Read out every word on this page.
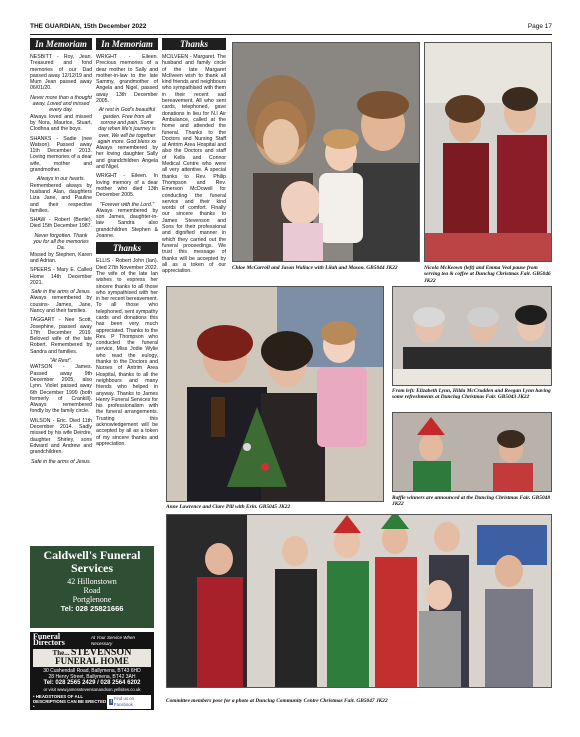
THE GUARDIAN, 15th December 2022	Page 17
In Memoriam

NESBITT - Roy, Jean. Treasured and fond memories of our Dad passed away 12/12/19 and Mum Jean passed away 06/01/20.

Never more than a thought away. Loved and missed every day.

Always loved and missed by Nora, Maurice, Stuart, Clodhna and the boys.

SHANKS - Sadie (nee Watson). Passed away 11th December 2013. Loving memories of a dear wife, mother and grandmother.

Always in our hearts.

Remembered always by husband Alan, daughters Liza Jane, and Pauline and their respective families.

SHAW - Robert (Bertie). Died 15th December 1987.

Never forgotten. Thank you for all the memories Da.

Missed by Stephen, Karen and Adrian.

SPEERS - Mary E. Called Home 14th December 2021.

Safe in the arms of Jesus.

Always remembered by cousins- James, Jane, Nancy and their families.

TAGGART - Nee Scott, Josephine, passed away 17th December 2019. Beloved wife of the late Robert. Remembered by Sandra and families.

"At Rest".

WATSON - James. Passed away 9th December 2005, also Lynn. Violet passed away 6th December 1999 (both formerly of Crankill). Always remembered fondly by the family circle.

WILSON - Eric. Died 11th December 2014. Sadly missed by his wife Deirdre, daughter Shirley, sons Edward and Andrew and grandchildren.

Safe in the arms of Jesus.
In Memoriam

WRIGHT - Eileen. Precious memories of a dear mother to Sally and mother-in-law to the late Sammy, grandmother of Angela and Nigel, passed away 13th December 2005.

At rest in God's beautiful garden. Free from all sorrow and pain. Some day when life's journey is over, We will be together again more. God bless xx

Always remembered by her loving daughter Sally and grandchildren Angela and Nigel.

WRIGHT - Eileen. In loving memory of a dear mother who died 13th December 2005.

"Forever with the Lord."

Always remembered by son James, daughter-in-law Sandra also grandchildren Stephen & Joanne.

Thanks

ELLIS - Robert John (Ian). Died 27th November 2022. The wife of the late Ian wishes to express her sincere thanks to all those who sympathised with her in her recent bereavement. To all those who telephoned, sent sympathy cards and donations this has been very much appreciated. Thanks to the Rev. P Thompson who conducted the funeral service, Miss Jodie Wylie who read the eulogy, thanks to the Doctors and Nurses of Antrim Area Hospital, thanks to all the neighbours and many friends who helped in anyway. Thanks to James Henry Funeral Services for his professionalism with the funeral arrangements. Trusting this acknowledgement will be accepted by all as a token of my sincere thanks and appreciation.

Thanks

MCILVEEN - Margaret. The husband and family circle of the late Margaret McIlveen wish to thank all kind friends and neighbours who sympathised with them in their recent sad bereavement. All who sent cards, telephoned, gave donations in lieu for N.I Air Ambulance, called at the home and attended the funeral. Thanks to the Doctors and Nursing Staff at Antrim Area Hospital and also the Doctors and staff of Kells and Connor Medical Centre who were all very attentive. A special thanks to Rev. Philip Thompson and Rev. Emerson McDowell for conducting the funeral service and their kind words of comfort. Finally our sincere thanks to James Stevenson and Sons for their professional and dignified manner in which they carried out the funeral proceedings. We trust this message of thanks will be accepted by all as a token of our appreciation.

Chloe McCarroll and Jason Wallace with Lilah and Mason. GB5044 JK22	Nicola McKeown (left) and Emma Veal pause from serving tea & coffee at Dunclug Christmas Fair. GB5046 JK22
From left: Elizabeth Lynn, Hilda McCrudden and Reegan Lynn having some refreshments at Dunclug Christmas Fair. GB5043 JK22
Raffle winners are announced at the Dunclug Christmas Fair. GB5048 JK22
Anne Lawrence and Clare Pill with Erin. GB5045 JK22
Committee members pose for a photo at Dunclug Community Centre Christmas Fair. GB5047 JK22
Caldwell's Funeral Services
42 Hillonstown
Road
Portglenone
Tel: 028 25821666
Funeral Directors
At Your Service When Necessary
The... STEVENSON
FUNERAL HOME
30 Cushendall Road, Ballymena, BT43 6HD
28 Henry Street, Ballymena, BT42 3AH
Tel: 028 2565 2429 / 028 2564 6202
or visit www.jamesstevensonandson.yellsites.co.uk
• HEADSTONES OF ALL DESCRIPTIONS CAN BE ERECTED •
f
Find us on Facebook
